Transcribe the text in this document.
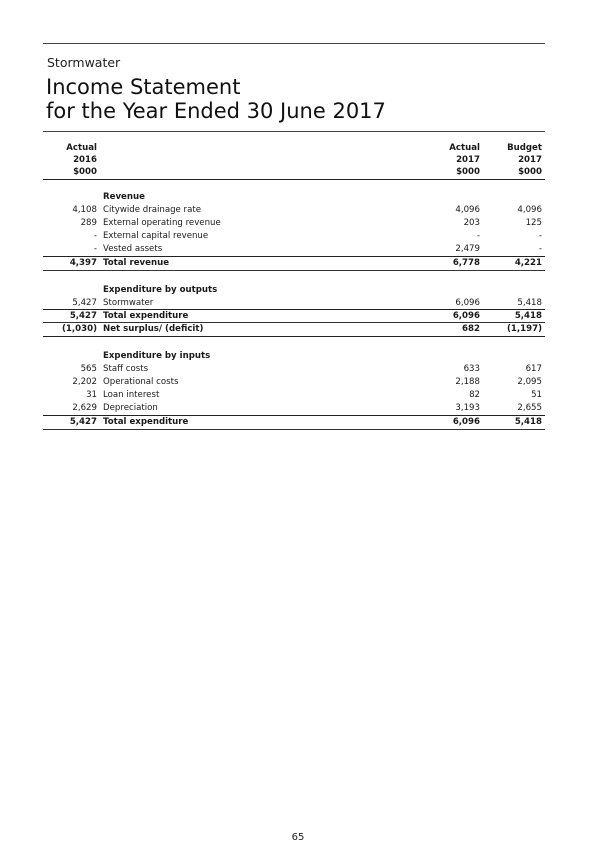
Stormwater
Income Statement
for the Year Ended 30 June 2017
Actual	Actual	Budget
2016	2017	2017
$000	$000	$000
Revenue
4,108 Citywide drainage rate	4,096	4,096
289 External operating revenue	203	125
- External capital revenue	-	-
- Vested assets	2,479	-
4,397 Total revenue	6,778	4,221
Expenditure by outputs
5,427 Stormwater	6,096	5,418
5,427 Total expenditure	6,096	5,418
(1,030) Net surplus/ (deficit)	682	(1,197)
Expenditure by inputs
565 Staff costs	633	617
2,202 Operational costs	2,188	2,095
31 Loan interest	82	51
2,629 Depreciation	3,193	2,655
5,427 Total expenditure	6,096	5,418
65
